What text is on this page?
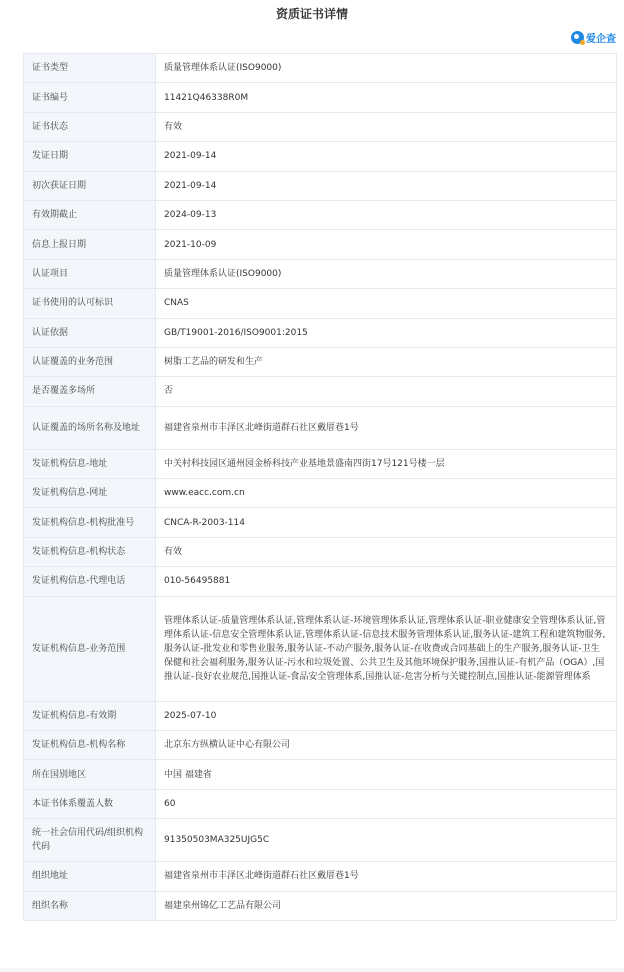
资质证书详情
爱企查
证书类型	质量管理体系认证(ISO9000)
证书编号	11421Q46338R0M
证书状态	有效
发证日期	2021-09-14
初次获证日期	2021-09-14
有效期截止	2024-09-13
信息上报日期	2021-10-09
认证项目	质量管理体系认证(ISO9000)
证书使用的认可标识	CNAS
认证依据	GB/T19001-2016/ISO9001:2015
认证覆盖的业务范围	树脂工艺品的研发和生产
是否覆盖多场所	否
认证覆盖的场所名称及地址	福建省泉州市丰泽区北峰街道群石社区戴厝巷1号
发证机构信息-地址	中关村科技园区通州园金桥科技产业基地景盛南四街17号121号楼一层
发证机构信息-网址	www.eacc.com.cn
发证机构信息-机构批准号	CNCA-R-2003-114
发证机构信息-机构状态	有效
发证机构信息-代理电话	010-56495881
发证机构信息-业务范围	管理体系认证-质量管理体系认证,管理体系认证-环境管理体系认证,管理体系认证-职业健康安全管理体系认证,管理体系认证-信息安全管理体系认证,管理体系认证-信息技术服务管理体系认证,服务认证-建筑工程和建筑物服务,服务认证-批发业和零售业服务,服务认证-不动产服务,服务认证-在收费或合同基础上的生产服务,服务认证-卫生保健和社会福利服务,服务认证-污水和垃圾处置、公共卫生及其他环境保护服务,国推认证-有机产品（OGA）,国推认证-良好农业规范,国推认证-食品安全管理体系,国推认证-危害分析与关键控制点,国推认证-能源管理体系
发证机构信息-有效期	2025-07-10
发证机构信息-机构名称	北京东方纵横认证中心有限公司
所在国别地区	中国 福建省
本证书体系覆盖人数	60
统一社会信用代码/组织机构代码	91350503MA325UJG5C
组织地址	福建省泉州市丰泽区北峰街道群石社区戴厝巷1号
组织名称	福建泉州锦亿工艺品有限公司
